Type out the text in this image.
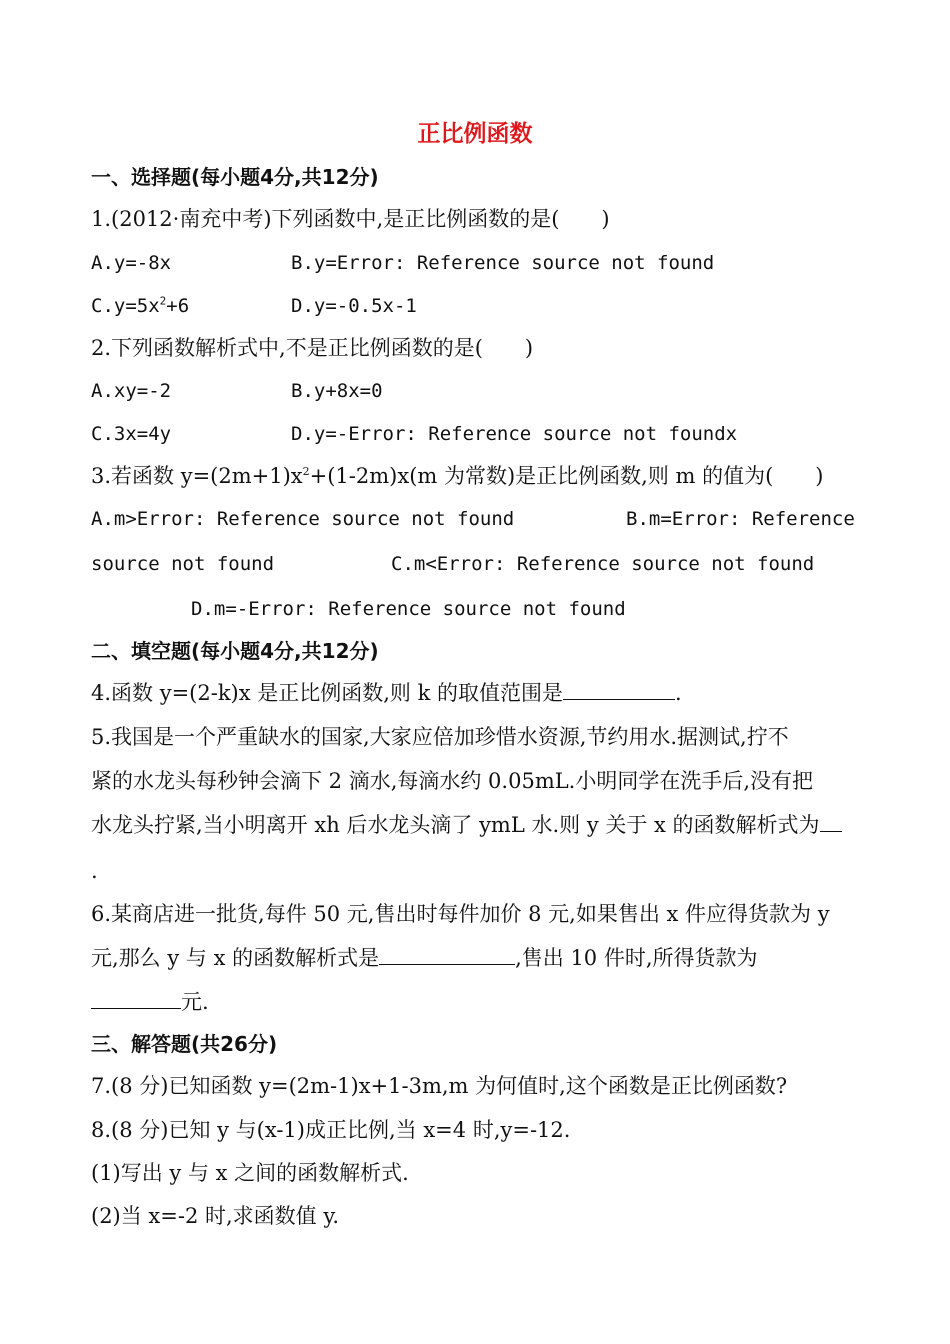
正比例函数
一、选择题(每小题4分,共12分)
1.(2012·南充中考)下列函数中,是正比例函数的是(　　)
A.y=-8x	B.y=Error: Reference source not found
$C.y=5x^2+6$	D.y=-0.5x-1
2.下列函数解析式中,不是正比例函数的是(　　)
A.xy=-2	B.y+8x=0
C.3x=4y	D.y=-Error: Reference source not foundx
3.若函数 $y=(2m+1)x^2+(1-2m)x(m$ 为常数)是正比例函数,则 m 的值为(　　)
A.m>Error: Reference source not found	B.m=Error: Reference
source not found	C.m<Error: Reference source not found
D.m=-Error: Reference source not found
二、填空题(每小题4分,共12分)
4.函数 y=(2-k)x 是正比例函数,则 k 的取值范围是	.
5.我国是一个严重缺水的国家,大家应倍加珍惜水资源,节约用水.据测试,拧不
紧的水龙头每秒钟会滴下 2 滴水,每滴水约 0.05mL.小明同学在洗手后,没有把
水龙头拧紧,当小明离开 xh 后水龙头滴了 ymL 水.则 y 关于 x 的函数解析式为
.
6.某商店进一批货,每件 50 元,售出时每件加价 8 元,如果售出 x 件应得货款为 y
元,那么 y 与 x 的函数解析式是	,售出 10 件时,所得货款为
元.
三、解答题(共26分)
7.(8 分)已知函数 y=(2m-1)x+1-3m,m 为何值时,这个函数是正比例函数?
8.(8 分)已知 y 与(x-1)成正比例,当 x=4 时,y=-12.
(1)写出 y 与 x 之间的函数解析式.
(2)当 x=-2 时,求函数值 y.
